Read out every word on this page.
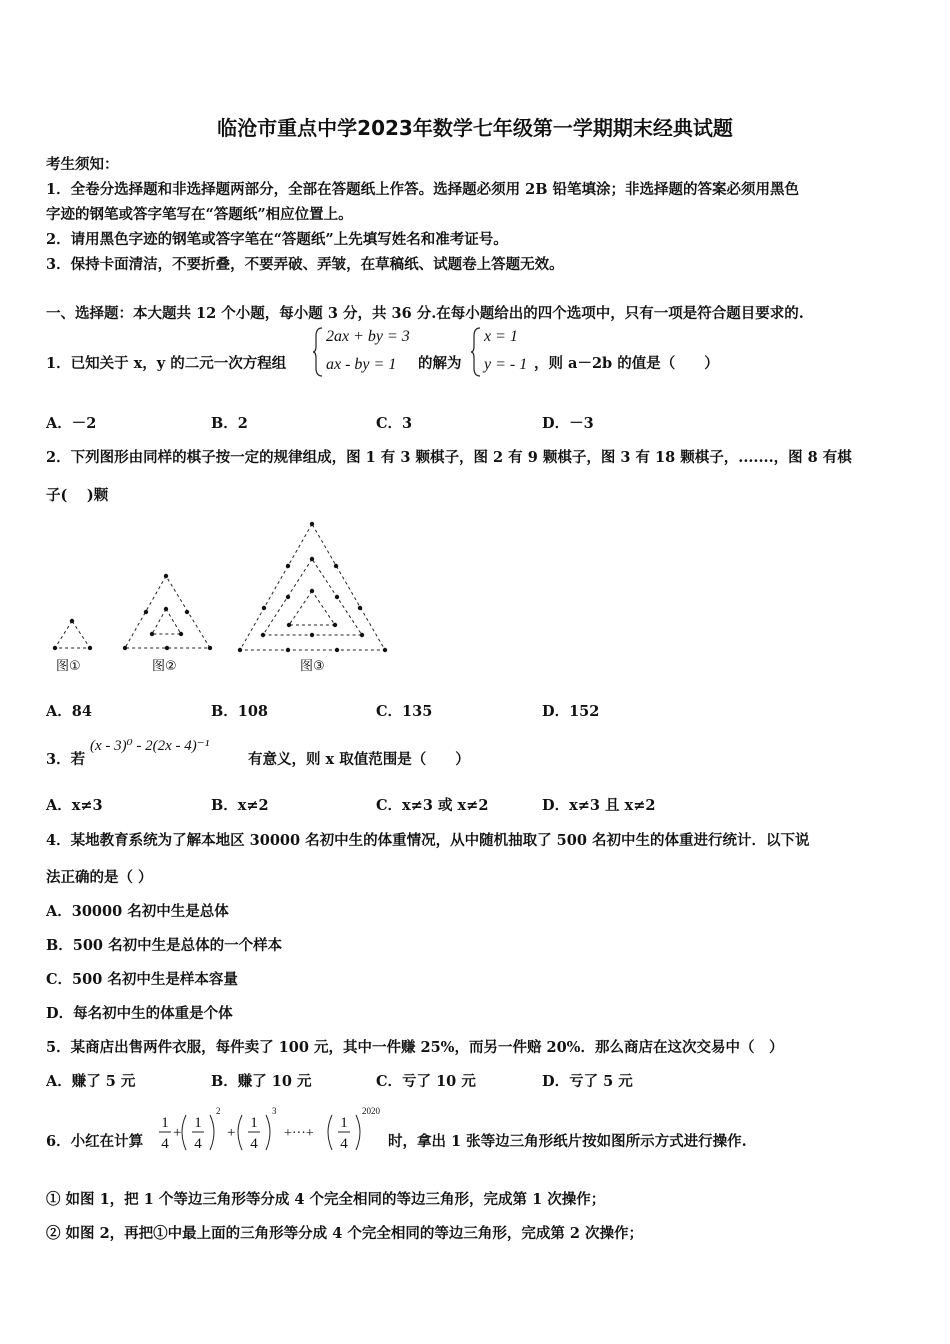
临沧市重点中学2023年数学七年级第一学期期末经典试题
考生须知：
1．全卷分选择题和非选择题两部分，全部在答题纸上作答。选择题必须用 2B 铅笔填涂；非选择题的答案必须用黑色
字迹的钢笔或答字笔写在“答题纸”相应位置上。
2．请用黑色字迹的钢笔或答字笔在“答题纸”上先填写姓名和准考证号。
3．保持卡面清洁，不要折叠，不要弄破、弄皱，在草稿纸、试题卷上答题无效。
一、选择题：本大题共 12 个小题，每小题 3 分，共 36 分.在每小题给出的四个选项中，只有一项是符合题目要求的.
1．已知关于 x，y 的二元一次方程组
2ax + by = 3
ax - by = 1 的解为
x = 1
y = - 1 ，则 a－2b 的值是（　　）
A．－2	B．2	C．3	D．－3
2．下列图形由同样的棋子按一定的规律组成，图 1 有 3 颗棋子，图 2 有 9 颗棋子，图 3 有 18 颗棋子，.......，图 8 有棋
子(　 )颗
图①	图②	图③
A．84	B．108	C．135	D．152
3．若
(x - 3)⁰ - 2(2x - 4)⁻¹
有意义，则 x 取值范围是（　　）
A．x≠3	B．x≠2	C．x≠3 或 x≠2	D．x≠3 且 x≠2
4．某地教育系统为了解本地区 30000 名初中生的体重情况，从中随机抽取了 500 名初中生的体重进行统计．以下说
法正确的是（ ）
A．30000 名初中生是总体
B．500 名初中生是总体的一个样本
C．500 名初中生是样本容量
D．每名初中生的体重是个体
5．某商店出售两件衣服，每件卖了 100 元，其中一件赚 25%，而另一件赔 20%．那么商店在这次交易中（　）
A．赚了 5 元	B．赚了 10 元	C．亏了 10 元	D．亏了 5 元
6．小红在计算
1
4
+
1
4
2
+
1
4
3
+···+
1
4
2020
时，拿出 1 张等边三角形纸片按如图所示方式进行操作.
① 如图 1，把 1 个等边三角形等分成 4 个完全相同的等边三角形，完成第 1 次操作；
② 如图 2，再把①中最上面的三角形等分成 4 个完全相同的等边三角形，完成第 2 次操作；
